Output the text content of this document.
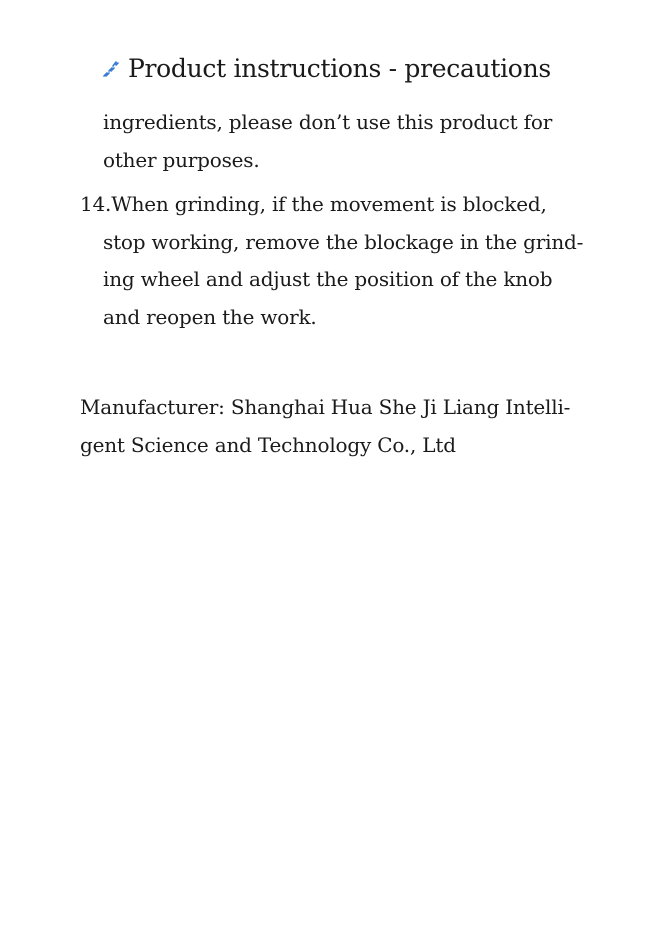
Product instructions - precautions
ingredients, please don’t use this product for
other purposes.
14.When grinding, if the movement is blocked,
stop working, remove the blockage in the grind-
ing wheel and adjust the position of the knob
and reopen the work.
Manufacturer: Shanghai Hua She Ji Liang Intelli-
gent Science and Technology Co., Ltd
